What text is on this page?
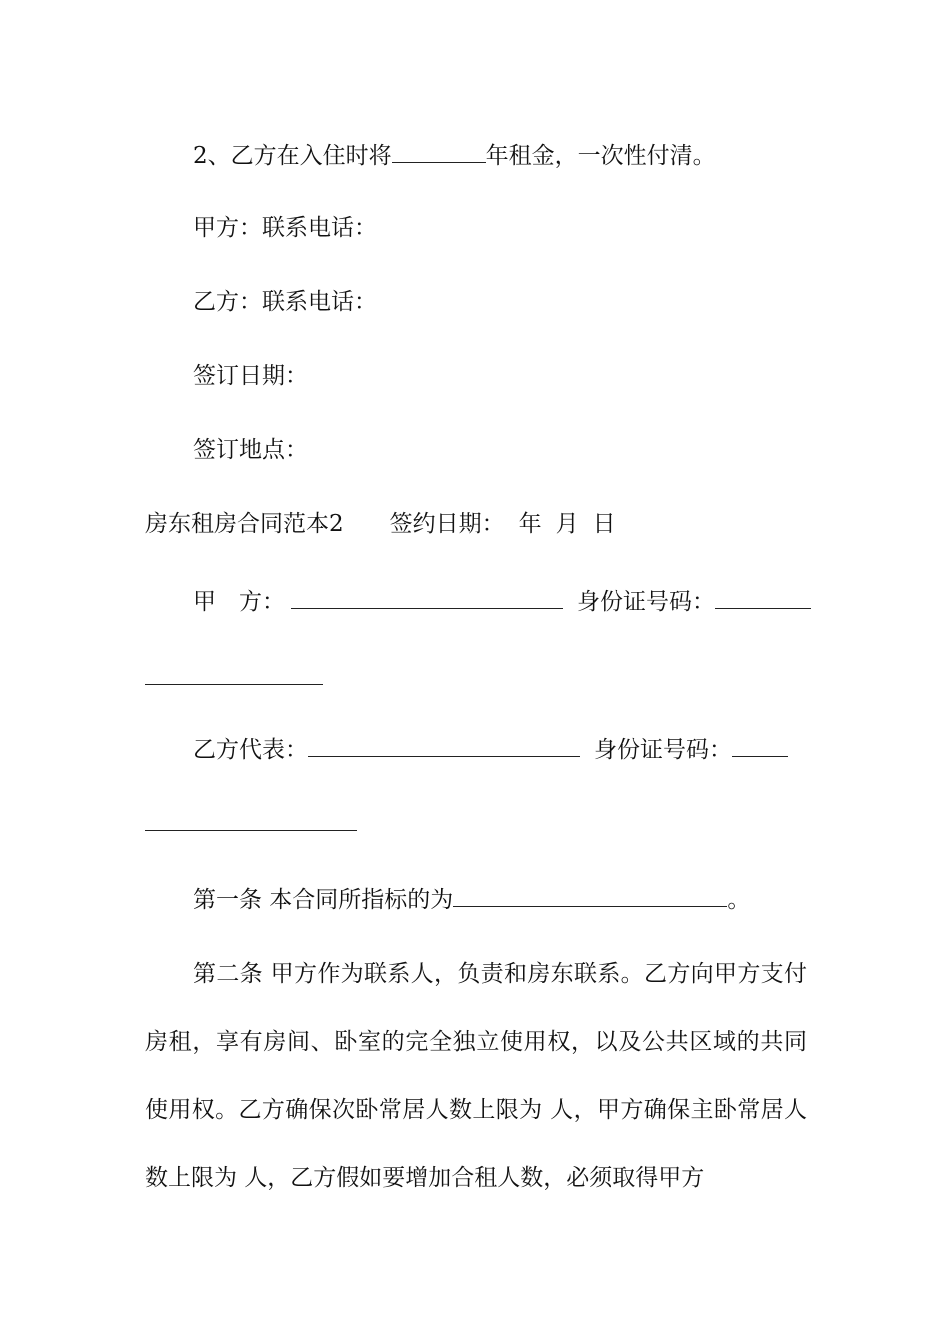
2、乙方在入住时将	年租金，一次性付清。
甲方：联系电话：
乙方：联系电话：
签订日期：
签订地点：
房东租房合同范本2 签约日期： 年 月 日
甲　方：	身份证号码：
乙方代表：	身份证号码：
第一条 本合同所指标的为	。
第二条 甲方作为联系人，负责和房东联系。乙方向甲方支付房租，享有房间、卧室的完全独立使用权，以及公共区域的共同使用权。乙方确保次卧常居人数上限为 人，甲方确保主卧常居人数上限为 人，乙方假如要增加合租人数，必须取得甲方
